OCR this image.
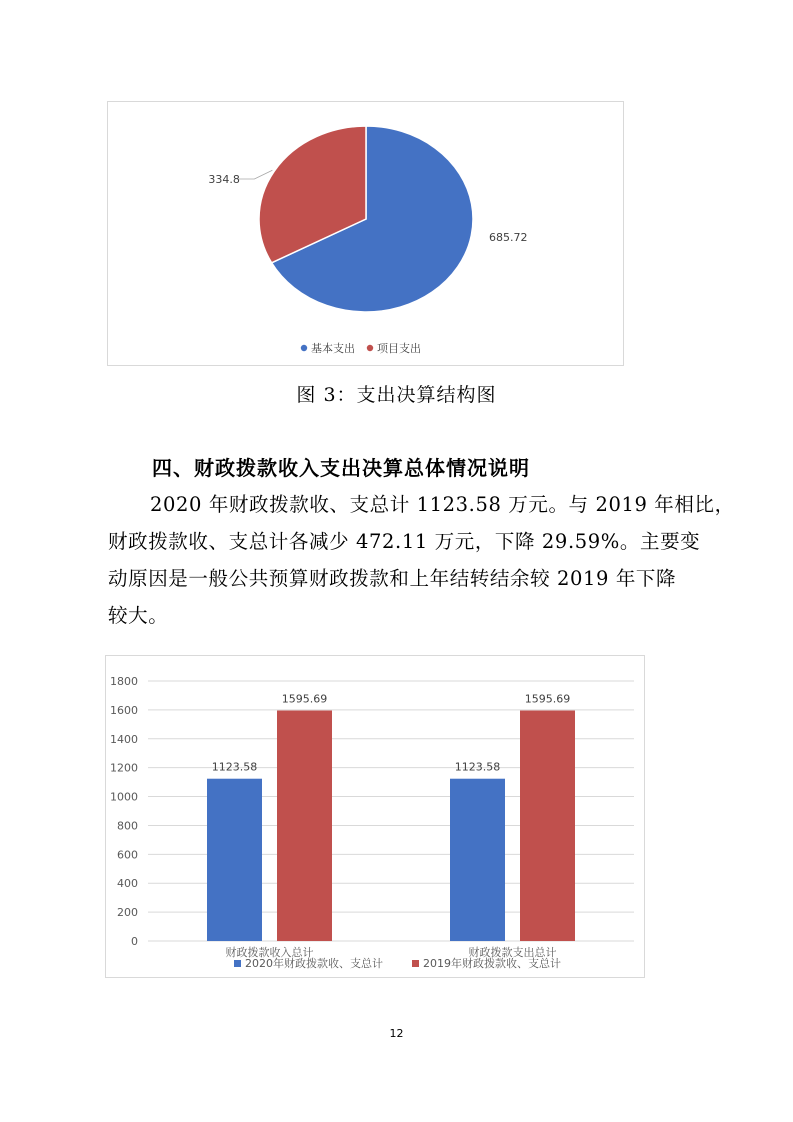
685.72
334.8
基本支出 项目支出
图 3：支出决算结构图
四、财政拨款收入支出决算总体情况说明
2020 年财政拨款收、支总计 1123.58 万元。与 2019 年相比，
财政拨款收、支总计各减少 472.11 万元，下降 29.59%。主要变
动原因是一般公共预算财政拨款和上年结转结余较 2019 年下降
较大。
0
200
400
600
800
1000
1200
1400
1600
1800
1123.58
1595.69
财政拨款收入总计
1123.58
1595.69
财政拨款支出总计
2020年财政拨款收、支总计	2019年财政拨款收、支总计
12
